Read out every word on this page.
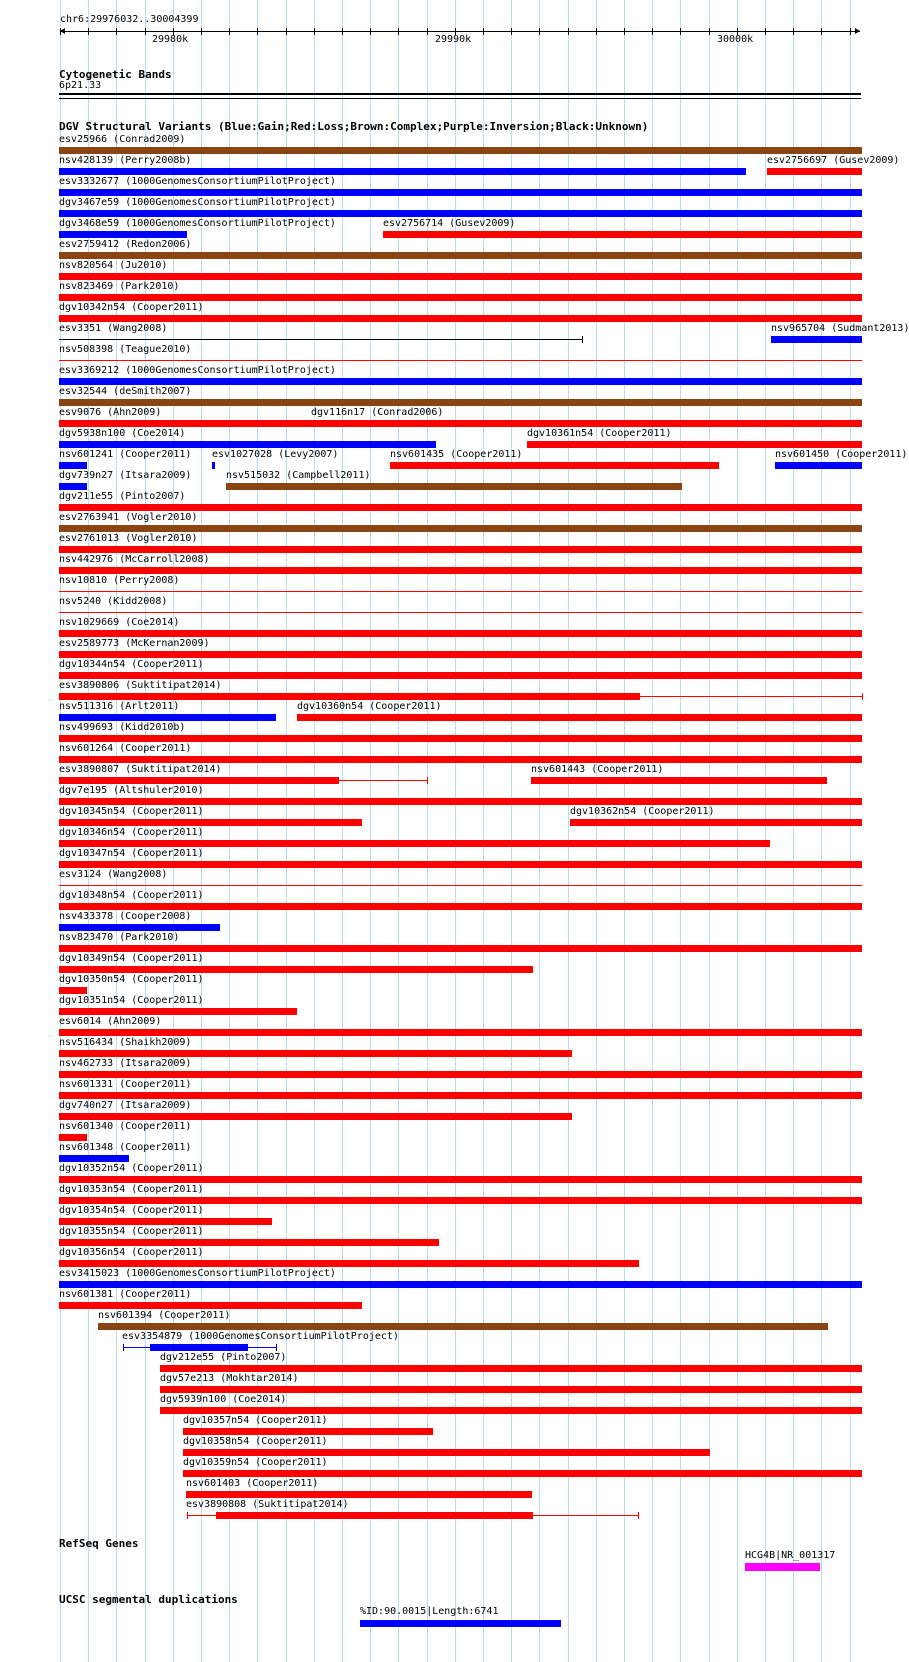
chr6:29976032..30004399
29980k	29990k	30000k
Cytogenetic Bands
6p21.33
DGV Structural Variants (Blue:Gain;Red:Loss;Brown:Complex;Purple:Inversion;Black:Unknown)
esv25966 (Conrad2009)
nsv428139 (Perry2008b)	esv2756697 (Gusev2009)
esv3332677 (1000GenomesConsortiumPilotProject)
dgv3467e59 (1000GenomesConsortiumPilotProject)
dgv3468e59 (1000GenomesConsortiumPilotProject)	esv2756714 (Gusev2009)
esv2759412 (Redon2006)
nsv820564 (Ju2010)
nsv823469 (Park2010)
dgv10342n54 (Cooper2011)
esv3351 (Wang2008)	nsv965704 (Sudmant2013)
nsv508398 (Teague2010)
esv3369212 (1000GenomesConsortiumPilotProject)
esv32544 (deSmith2007)
esv9076 (Ahn2009)	dgv116n17 (Conrad2006)
dgv5938n100 (Coe2014)	dgv10361n54 (Cooper2011)
nsv601241 (Cooper2011) esv1027028 (Levy2007)	nsv601435 (Cooper2011)	nsv601450 (Cooper2011)
dgv739n27 (Itsara2009)	nsv515032 (Campbell2011)
dgv211e55 (Pinto2007)
esv2763941 (Vogler2010)
esv2761013 (Vogler2010)
nsv442976 (McCarroll2008)
nsv10810 (Perry2008)
nsv5240 (Kidd2008)
nsv1029669 (Coe2014)
esv2589773 (McKernan2009)
dgv10344n54 (Cooper2011)
esv3890806 (Suktitipat2014)
nsv511316 (Arlt2011)	dgv10360n54 (Cooper2011)
nsv499693 (Kidd2010b)
nsv601264 (Cooper2011)
esv3890807 (Suktitipat2014)	nsv601443 (Cooper2011)
dgv7e195 (Altshuler2010)
dgv10345n54 (Cooper2011)	dgv10362n54 (Cooper2011)
dgv10346n54 (Cooper2011)
dgv10347n54 (Cooper2011)
esv3124 (Wang2008)
dgv10348n54 (Cooper2011)
nsv433378 (Cooper2008)
nsv823470 (Park2010)
dgv10349n54 (Cooper2011)
dgv10350n54 (Cooper2011)
dgv10351n54 (Cooper2011)
esv6014 (Ahn2009)
nsv516434 (Shaikh2009)
nsv462733 (Itsara2009)
nsv601331 (Cooper2011)
dgv740n27 (Itsara2009)
nsv601340 (Cooper2011)
nsv601348 (Cooper2011)
dgv10352n54 (Cooper2011)
dgv10353n54 (Cooper2011)
dgv10354n54 (Cooper2011)
dgv10355n54 (Cooper2011)
dgv10356n54 (Cooper2011)
esv3415023 (1000GenomesConsortiumPilotProject)
nsv601381 (Cooper2011)
nsv601394 (Cooper2011)
esv3354879 (1000GenomesConsortiumPilotProject)
dgv212e55 (Pinto2007)
dgv57e213 (Mokhtar2014)
dgv5939n100 (Coe2014)
dgv10357n54 (Cooper2011)
dgv10358n54 (Cooper2011)
dgv10359n54 (Cooper2011)
nsv601403 (Cooper2011)
esv3890808 (Suktitipat2014)
RefSeq Genes
HCG4B|NR_001317
UCSC segmental duplications
%ID:90.0015|Length:6741
